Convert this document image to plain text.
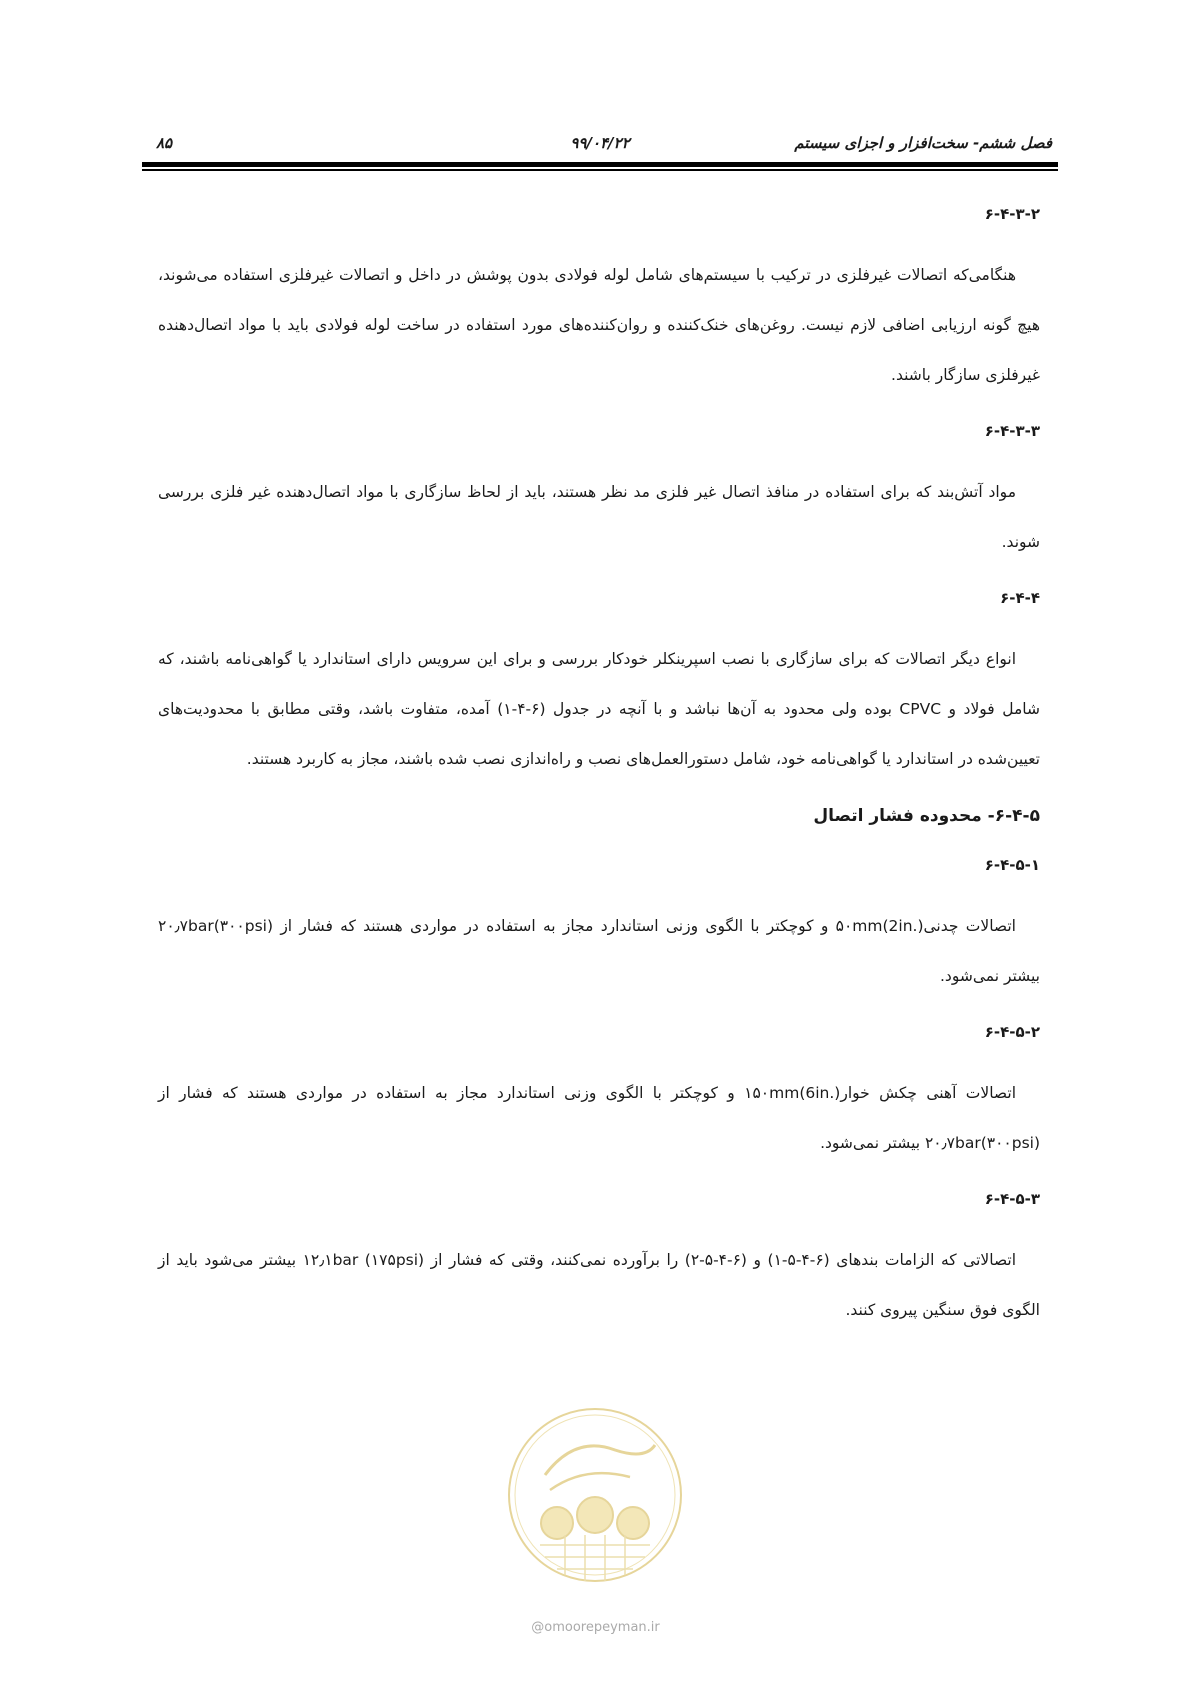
فصل ششم- سخت‌افزار و اجزای سیستم
۹۹/۰۴/۲۲
۸۵
۶-۴-۳-۲

هنگامی‌که اتصالات غیرفلزی در ترکیب با سیستم‌های شامل لوله فولادی بدون پوشش در داخل و اتصالات غیرفلزی استفاده می‌شوند، هیچ گونه ارزیابی اضافی لازم نیست. روغن‌های خنک‌کننده و روان‌کننده‌های مورد استفاده در ساخت لوله فولادی باید با مواد اتصال‌دهنده غیرفلزی سازگار باشند.

۶-۴-۳-۳

مواد آتش‌بند که برای استفاده در منافذ اتصال غیر فلزی مد نظر هستند، باید از لحاظ سازگاری با مواد اتصال‌دهنده غیر فلزی بررسی شوند.

۶-۴-۴

انواع دیگر اتصالات که برای سازگاری با نصب اسپرینکلر خودکار بررسی و برای این سرویس دارای استاندارد یا گواهی‌نامه باشند، که شامل فولاد و CPVC بوده ولی محدود به آن‌ها نباشد و با آنچه در جدول (۶-۴-۱) آمده، متفاوت باشد، وقتی مطابق با محدودیت‌های تعیین‌شده در استاندارد یا گواهی‌نامه خود، شامل دستورالعمل‌های نصب و راه‌اندازی نصب شده باشند، مجاز به کاربرد هستند.

۶-۴-۵- محدوده فشار اتصال
۶-۴-۵-۱

اتصالات چدنی۵۰mm(2in.) و کوچکتر با الگوی وزنی استاندارد مجاز به استفاده در مواردی هستند که فشار از ۲۰٫۷bar(۳۰۰psi) بیشتر نمی‌شود.

۶-۴-۵-۲

اتصالات آهنی چکش خوار۱۵۰mm(6in.) و کوچکتر با الگوی وزنی استاندارد مجاز به استفاده در مواردی هستند که فشار از ۲۰٫۷bar(۳۰۰psi) بیشتر نمی‌شود.

۶-۴-۵-۳

اتصالاتی که الزامات بندهای (۶-۴-۵-۱) و (۶-۴-۵-۲) را برآورده نمی‌کنند، وقتی که فشار از ۱۲٫۱bar (۱۷۵psi) بیشتر می‌شود باید از الگوی فوق سنگین پیروی کنند.

@omoorepeyman.ir
